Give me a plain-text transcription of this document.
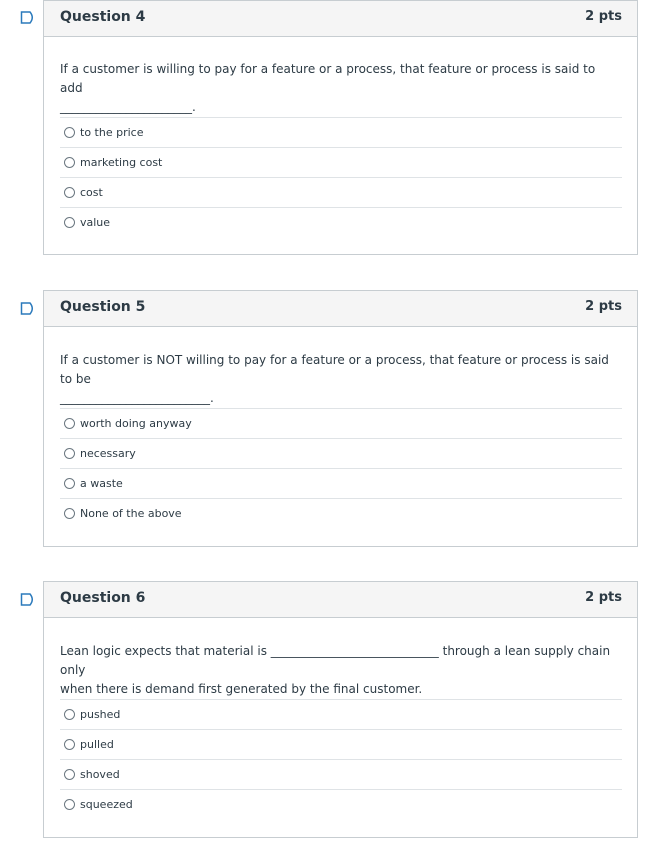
Question 4	2 pts
If a customer is willing to pay for a feature or a process, that feature or process is said to add
______________________.
to the price
marketing cost
cost
value
Question 5	2 pts
If a customer is NOT willing to pay for a feature or a process, that feature or process is said to be
_________________________.
worth doing anyway
necessary
a waste
None of the above
Question 6	2 pts
Lean logic expects that material is ____________________________ through a lean supply chain only
when there is demand first generated by the final customer.
pushed
pulled
shoved
squeezed
